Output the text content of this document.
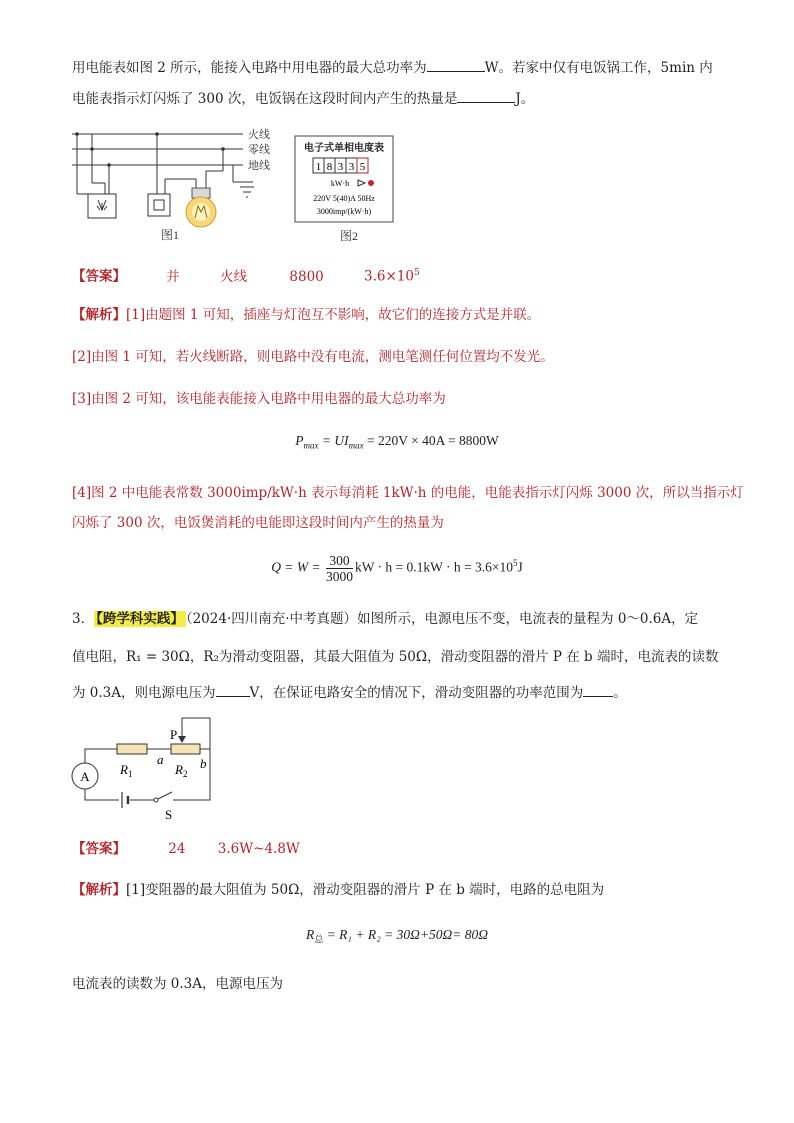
用电能表如图 2 所示，能接入电路中用电器的最大总功率为	W。若家中仅有电饭锅工作，5min 内
电能表指示灯闪烁了 300 次，电饭锅在这段时间内产生的热量是	J。
火线
零线
地线
图1
电子式单相电度表
1 8 3 3 5
kW·h
220V 5(40)A 50Hz
3000imp/(kW·h)
图2
【答案】	并	火线	8800	$3.6\times 10^5$
【解析】[1]由题图 1 可知，插座与灯泡互不影响，故它们的连接方式是并联。
[2]由图 1 可知，若火线断路，则电路中没有电流，测电笔测任何位置均不发光。
[3]由图 2 可知，该电能表能接入电路中用电器的最大总功率为
$P_{max} = UI_{max} = 220V \times 40A = 8800W$
[4]图 2 中电能表常数 3000imp/kW·h 表示每消耗 1kW·h 的电能，电能表指示灯闪烁 3000 次，所以当指示灯
闪烁了 300 次，电饭煲消耗的电能即这段时间内产生的热量为
$Q = W = \frac{300}{3000}$ kW · $h = 0.1kW \cdot h = 3.6\times 10^5J$
3． 【跨学科实践】 （2024·四川南充·中考真题）如图所示，电源电压不变，电流表的量程为 0～0.6A，定
值电阻，R₁ = 30Ω，R₂为滑动变阻器，其最大阻值为 50Ω，滑动变阻器的滑片 P 在 b 端时，电流表的读数
为 0.3A，则电源电压为	V，在保证电路安全的情况下，滑动变阻器的功率范围为 。
A $R_1$
P
a
$R_2$
b
S
【答案】	24 3.6W~4.8W
【解析】[1]变阻器的最大阻值为 50Ω，滑动变阻器的滑片 P 在 b 端时，电路的总电阻为
$R_总 = R_1 + R_2 = 30\Omega+50\Omega= 80\Omega$
电流表的读数为 0.3A，电源电压为
